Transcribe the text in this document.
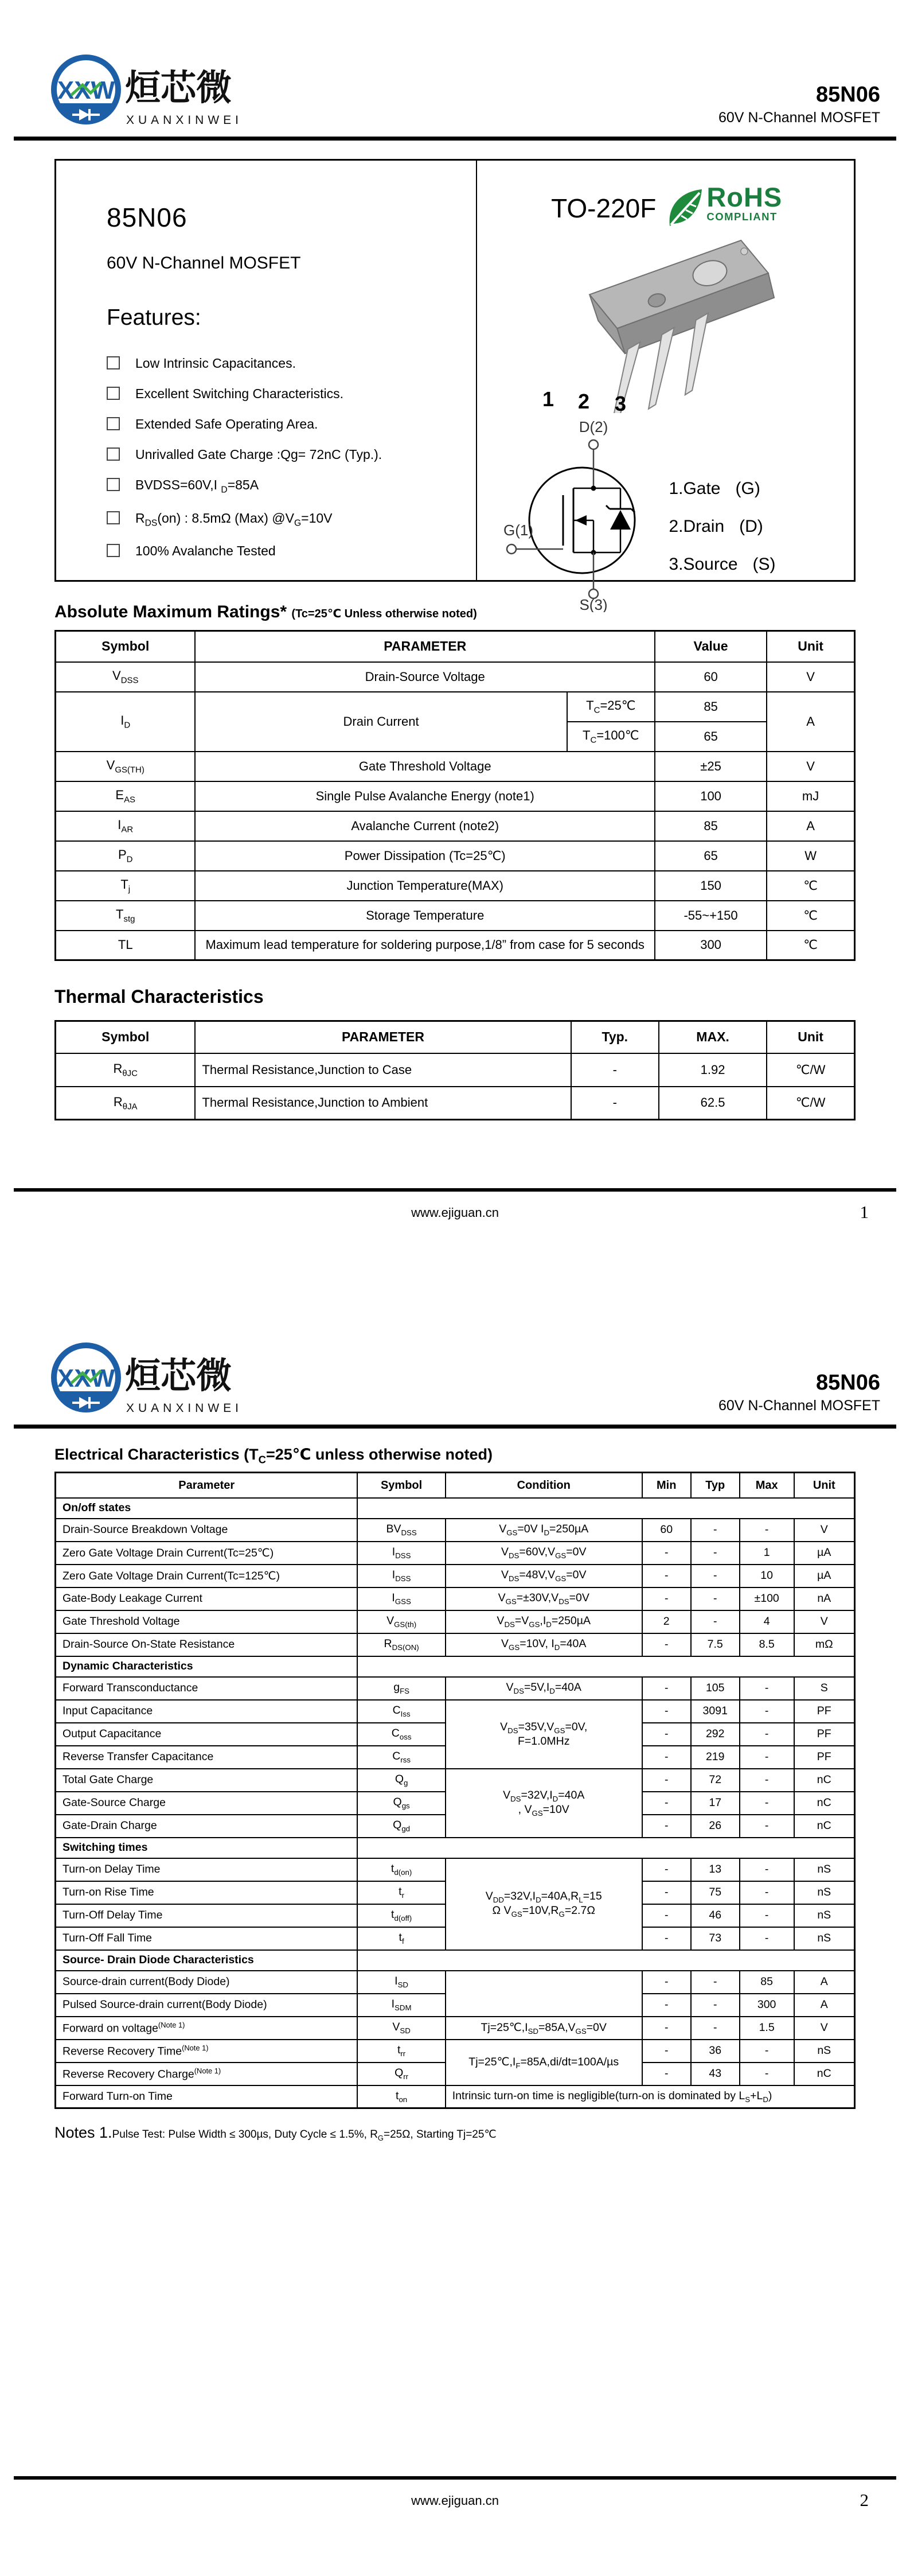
XXW 烜芯微
XUANXINWEI
85N06
60V N-Channel MOSFET
85N06
60V N-Channel MOSFET
Features:
Low Intrinsic Capacitances.
Excellent Switching Characteristics.
Extended Safe Operating Area.
Unrivalled Gate Charge :Qg= 72nC (Typ.).
BVDSS=60V,I $_D$=85A
$R_{DS}(on)$ : 8.5mΩ (Max) $@V_G=10V$
100% Avalanche Tested
TO-220F RoHS
COMPLIANT
1 2 3
D(2)
S(3)
G(1)
1.Gate (G)
2.Drain (D)
3.Source (S)
Absolute Maximum Ratings* (Tc=25℃ Unless otherwise noted)
Symbol	PARAMETER		Value	Unit
$V_{DSS}$	Drain-Source Voltage		60	V
$I_D$	Drain Current	$T_C=25℃$	85	A
		$T_C=100℃$	65	
$V_{GS(TH)}$	Gate Threshold Voltage		±25	V
$E_{AS}$	Single Pulse Avalanche Energy (note1)		100	mJ
$I_{AR}$	Avalanche Current (note2)		85	A
$P_D$	Power Dissipation (Tc=25℃)		65	W
$T_j$	Junction Temperature(MAX)		150	℃
$T_{stg}$	Storage Temperature		-55~+150	℃
TL	Maximum lead temperature for soldering purpose,1/8” from case for 5 seconds		300	℃
Thermal Characteristics
Symbol	PARAMETER	Typ.	MAX.	Unit
$R_{\theta JC}$	Thermal Resistance,Junction to Case	-	1.92	℃/W
$R_{\theta JA}$	Thermal Resistance,Junction to Ambient	-	62.5	℃/W
www.ejiguan.cn	1
XXW 烜芯微
XUANXINWEI
85N06
60V N-Channel MOSFET
Electrical Characteristics ($T_C=25℃$ unless otherwise noted)
Parameter	Symbol	Condition	Min	Typ	Max	Unit
On/off states						
Drain-Source Breakdown Voltage	$BV_{DSS}$	$V_{GS}=0V$ $I_D=250\mu A$	60	-	-	V
Zero Gate Voltage Drain Current(Tc=25℃)	$I_{DSS}$	$V_{DS}=60V,V_{GS}=0V$	-	-	1	µA
Zero Gate Voltage Drain Current(Tc=125℃)	$I_{DSS}$	$V_{DS}=48V,V_{GS}=0V$	-	-	10	µA
Gate-Body Leakage Current	$I_{GSS}$	$V_{GS}=\pm 30V,V_{DS}=0V$	-	-	±100	nA
Gate Threshold Voltage	$V_{GS(th)}$	$V_{DS}=V_{GS},I_D=250\mu A$	2	-	4	V
Drain-Source On-State Resistance	$R_{DS(ON)}$	$V_{GS}=10V$, $I_D=40A$	-	7.5	8.5	mΩ
Dynamic Characteristics						
Forward Transconductance	$g_{FS}$	$V_{DS}=5V,I_D=40A$	-	105	-	S
Input Capacitance	$C_{Iss}$	$V_{DS}=35V,V_{GS}=0V$,
F=1.0MHz	-	3091	-	PF
Output Capacitance	$C_{oss}$		-	292	-	PF
Reverse Transfer Capacitance	$C_{rss}$		-	219	-	PF
Total Gate Charge	$Q_g$	$V_{DS}=32V,I_D=40A$
, $V_{GS}=10V$	-	72	-	nC
Gate-Source Charge	$Q_{gs}$		-	17	-	nC
Gate-Drain Charge	$Q_{gd}$		-	26	-	nC
Switching times						
Turn-on Delay Time	$t_{d(on)}$	$V_{DD}=32V,I_D=40A,R_L=15$
Ω $V_{GS}=10V,R_G=2.7\Omega$	-	13	-	nS
Turn-on Rise Time	$t_r$		-	75	-	nS
Turn-Off Delay Time	$t_{d(off)}$		-	46	-	nS
Turn-Off Fall Time	$t_f$		-	73	-	nS
Source- Drain Diode Characteristics						
Source-drain current(Body Diode)	$I_{SD}$		-	-	85	A
Pulsed Source-drain current(Body Diode)	$I_{SDM}$		-	-	300	A
Forward on voltage$^{(Note 1)}$	$V_{SD}$	$Tj=25℃,I_{SD}=85A,V_{GS}=0V$	-	-	1.5	V
Reverse Recovery Time$^{(Note 1)}$	$t_{rr}$	$Tj=25℃,I_F=85A,di/dt=100A/\mu s$	-	36	-	nS
Reverse Recovery Charge$^{(Note 1)}$	$Q_{rr}$		-	43	-	nC
Forward Turn-on Time	$t_{on}$	Intrinsic turn-on time is negligible(turn-on is dominated by $L_S+L_D$)				
Notes 1.Pulse Test: Pulse Width ≤ 300µs, Duty Cycle ≤ 1.5%, $R_G=25\Omega$, Starting Tj=25℃
www.ejiguan.cn	2
